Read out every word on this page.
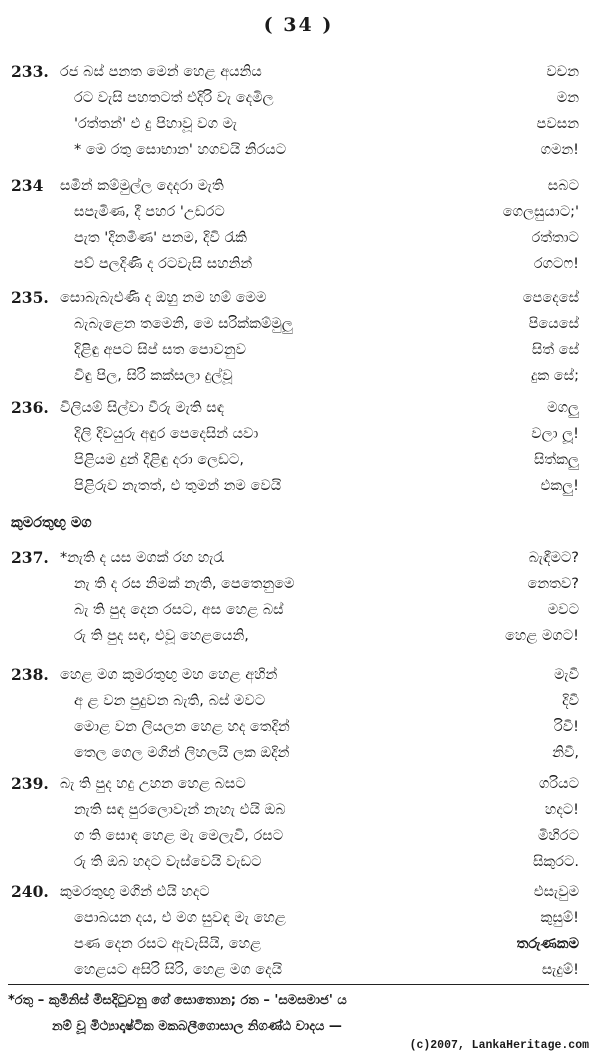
( 34 )
233. රජ බස් පනත මෙන් හෙළ අයනිය	වචන
රට වැසි පහතටත් එදිරි වැ දෙමිල	මන
'රත්තන්' එ දු පිහාවූ වග මැ	පවසන
* මෙ රතු සොභාන' හගවයි නිරයට	ගමන!
234 සමින් කම්මුල්ල දෙදරා මැති	සබට
සපැමිණ, දී පහර 'උඩරට	ගෙලසුයාට;'
පැත 'දිනමිණ' පනම, දිවි රැකි	රත්තාට
පව් පලදිණි ද රටවැසි සහනින්	රගටෆ!
235. සොබැබැඑණි ද ඔහු නම හම් මෙම	පෙදෙසේ
බැබැළෙන තමෙනි, මෙ සරික්කම්මුලු	පියෙසේ
දිළිඳු අපට සිප් සත පොවනුව	සිත් සේ
විඳු පිල, සිරි කක්සලා දුල්වූ	දුක සේ;
236. විලියම් සිල්වා වීරු මැති සඳ	මගලු
දිලි දිවයුරු අඳුර පෙදෙසින් යවා	වලා ලූ!
පිළියම දුන් දිළිඳු දරා ලෙඩට,	සිත්කලු
පිළිරුව නැතත්, එ තුමන් නම වෙයි	එකලු!
කුමරතුඟු මග
237. *නැති ද යස මගක් රහ හැරැ	බැඳීමට?
නැ ති ද රස නිමක් නැති, පෙතෙනුමෙ	නෙතව?
බැ ති පුද දෙන රසට, අස හෙළ බස්	මවට
රු ති පුද සඳ, එවූ හෙළයෙනි,	හෙළ මගට!
238. හෙළ මග කුමරතුඟු මහ හෙළ අහින්	මැවී
අ ළ වන පුදුවන බැති, බස් මවට	දිවී
මොළ වන ලියලන හෙළ හද තෙදින්	රිවී!
තෙල ගෙල මගින් ලිහලයි ලක ඔදින්	නිවී,
239. බැ ති පුද හදු උහන හෙළ බසට	ගරියට
නැති සඳ පුරලොවැන් නැහැ එයි ඔබ	හදට!
ග ති සොඳ හෙළ මැ මෙලැවි, රසට	මිහිරට
රු ති ඔබ හදට වැස්වෙයි වැඩට	සිකුරට.
240. කුමරතුඟු මගින් එයි හදට	එසැවුම
පොබයන දය, එ මග සුවඳ මැ හෙළ	කුසුම්!
පණ දෙන රසට ඇවැසියි, හෙළ	තරුණකම
හෙළයට අසිරි සිරි, හෙළ මග දෙයි	සැදුම්!
*රතු – කුමිනිස් මිසදිටුවනු ගේ සොතොන; රත – 'සමසමාජ' ය
නම් වූ මිථ්‍යාදෘෂ්ටික මකබලීගොසාල නිගණ්ඨ වාදය —
(c)2007, LankaHeritage.com
